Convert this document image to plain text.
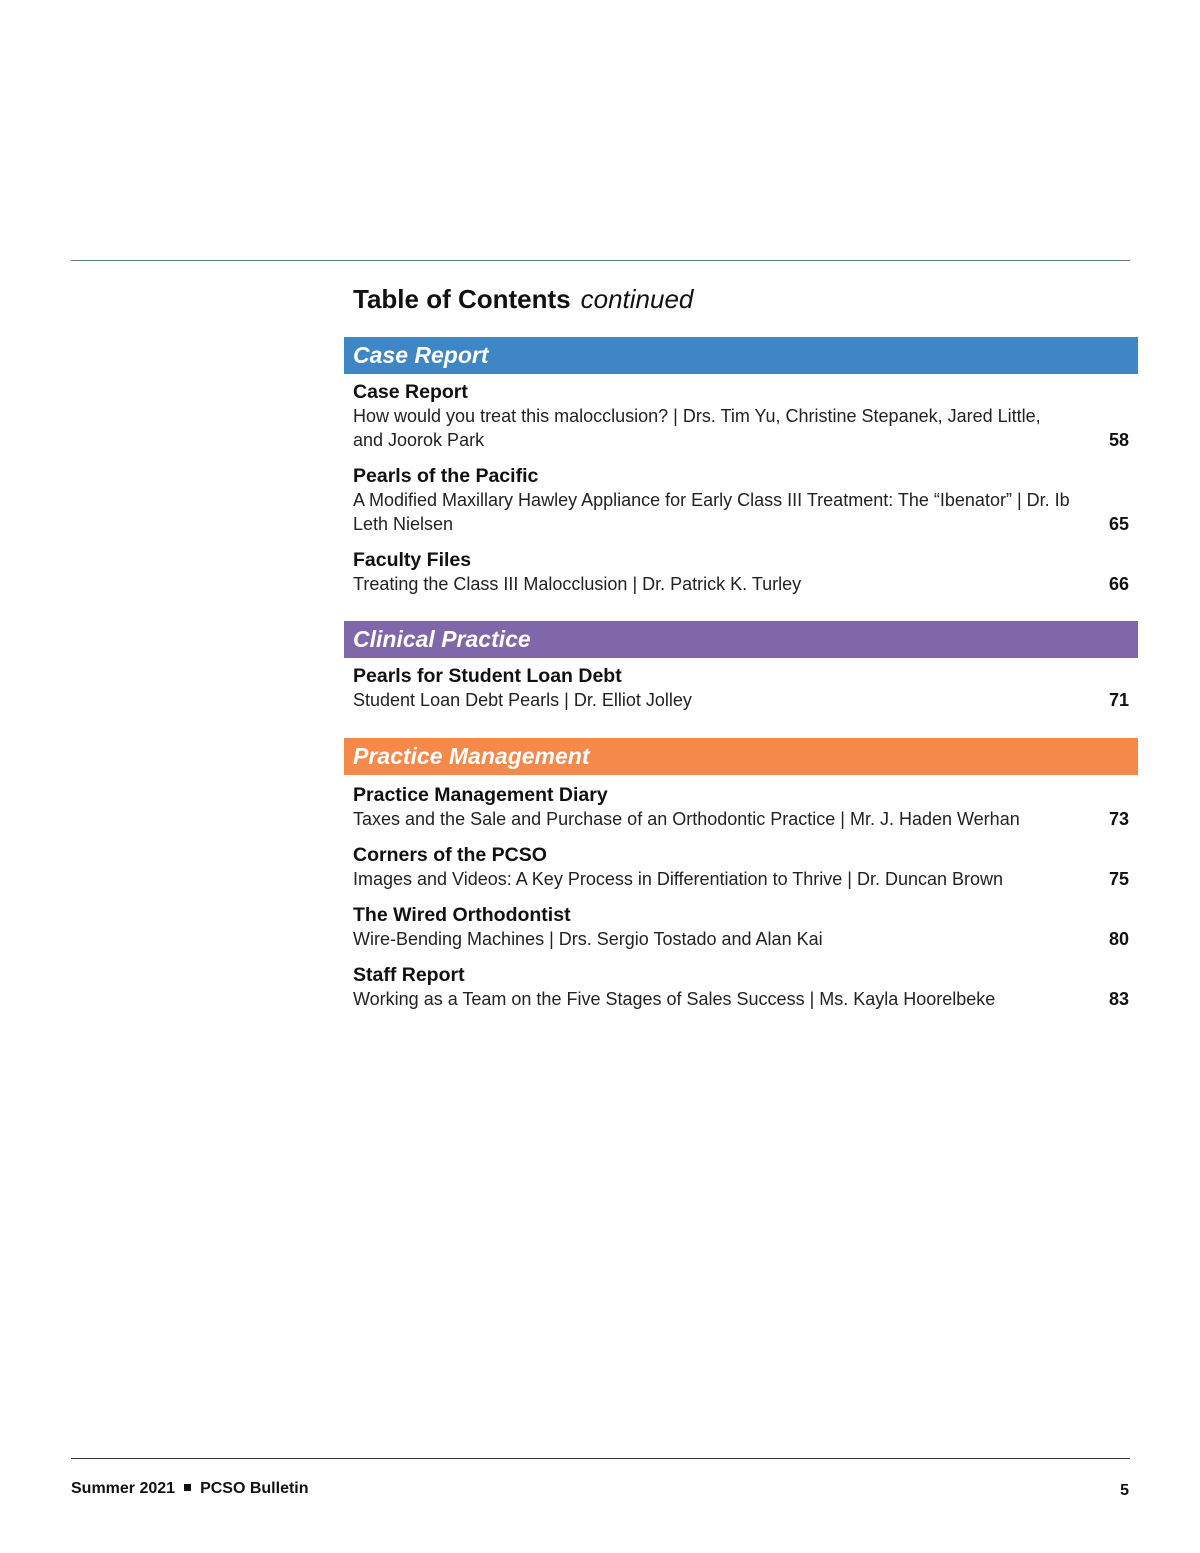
Table of Contents continued
Case Report
Case Report
How would you treat this malocclusion? | Drs. Tim Yu, Christine Stepanek, Jared Little, and Joorok Park	58
Pearls of the Pacific
A Modified Maxillary Hawley Appliance for Early Class III Treatment: The “Ibenator” | Dr. Ib Leth Nielsen	65
Faculty Files
Treating the Class III Malocclusion | Dr. Patrick K. Turley	66
Clinical Practice
Pearls for Student Loan Debt
Student Loan Debt Pearls | Dr. Elliot Jolley	71
Practice Management
Practice Management Diary
Taxes and the Sale and Purchase of an Orthodontic Practice | Mr. J. Haden Werhan	73
Corners of the PCSO
Images and Videos: A Key Process in Differentiation to Thrive | Dr. Duncan Brown	75
The Wired Orthodontist
Wire-Bending Machines | Drs. Sergio Tostado and Alan Kai	80
Staff Report
Working as a Team on the Five Stages of Sales Success | Ms. Kayla Hoorelbeke	83
Summer 2021 PCSO Bulletin	5
